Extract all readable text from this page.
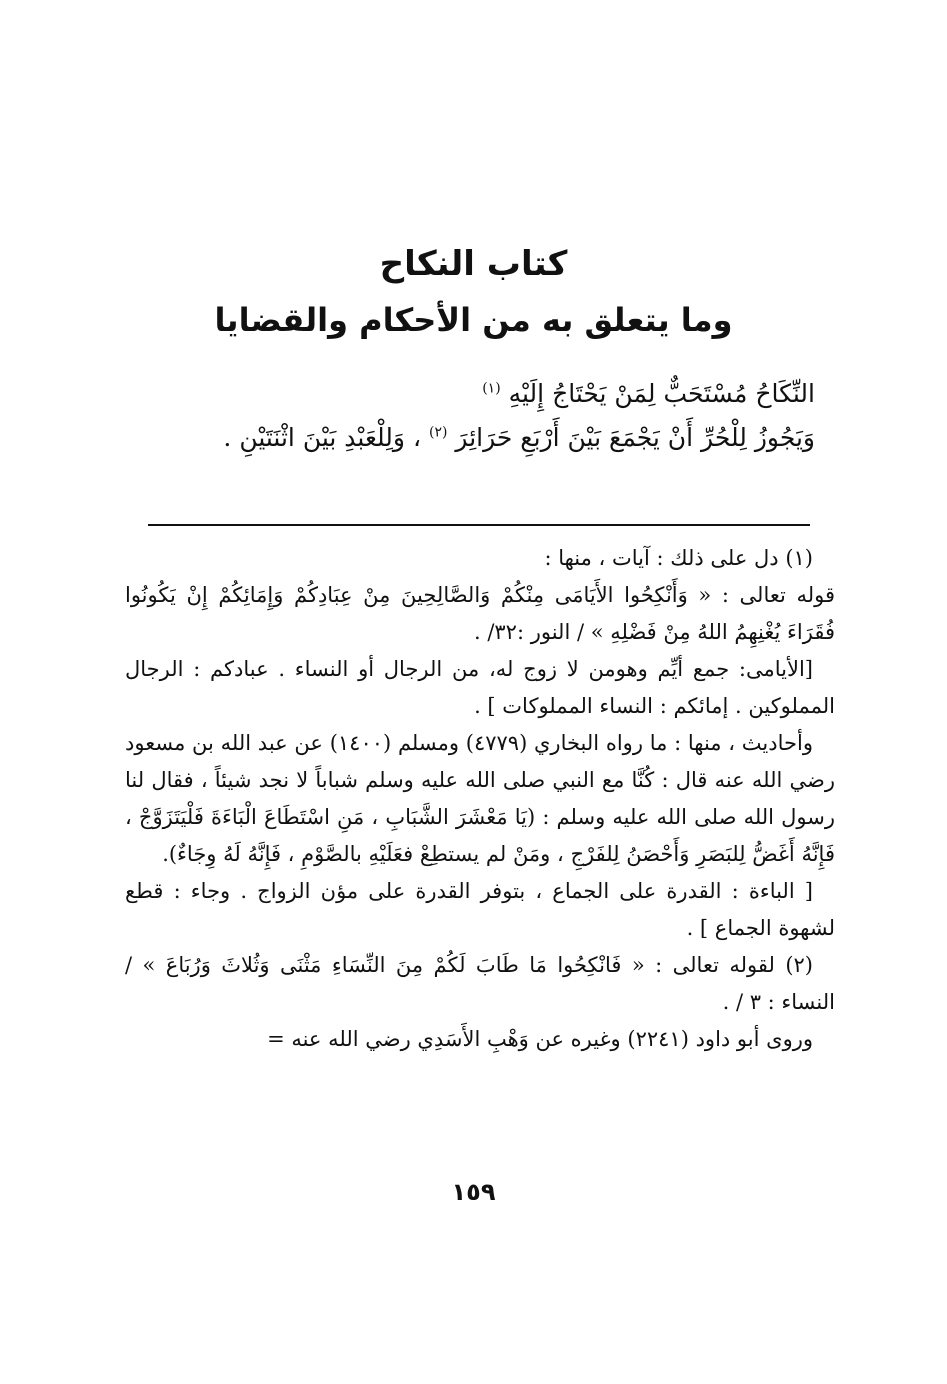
كتاب النكاح
وما يتعلق به من الأحكام والقضايا

النِّكَاحُ مُسْتَحَبٌّ لِمَنْ يَحْتَاجُ إِلَيْهِ $^{(١)}$

وَيَجُوزُ لِلْحُرِّ أَنْ يَجْمَعَ بَيْنَ أَرْبَعِ حَرَائِرَ $^{(٢)}$ ، وَلِلْعَبْدِ بَيْنَ اثْنَتَيْنِ .

(١) دل على ذلك : آيات ، منها :

قوله تعالى : « وَأَنْكِحُوا الأَيَامَى مِنْكُمْ وَالصَّالِحِينَ مِنْ عِبَادِكُمْ وَإِمَائِكُمْ إِنْ يَكُونُوا فُقَرَاءَ يُغْنِهِمُ اللهُ مِنْ فَضْلِهِ » / النور :٣٢/ .

[الأيامى: جمع أيِّم وهومن لا زوج له، من الرجال أو النساء . عبادكم : الرجال المملوكين . إمائكم : النساء المملوكات ] .

وأحاديث ، منها : ما رواه البخاري (٤٧٧٩) ومسلم (١٤٠٠) عن عبد الله بن مسعود رضي الله عنه قال : كُنَّا مع النبي صلى الله عليه وسلم شباباً لا نجد شيئاً ، فقال لنا رسول الله صلى الله عليه وسلم : (يَا مَعْشَرَ الشَّبَابِ ، مَنِ اسْتَطَاعَ الْبَاءَةَ فَلْيَتَزَوَّجْ ، فَإِنَّهُ أَغَضُّ لِلبَصَرِ وَأَحْصَنُ لِلفَرْجِ ، ومَنْ لم يستطِعْ فعَلَيْهِ بالصَّوْمِ ، فَإِنَّهُ لَهُ وِجَاءٌ).

[ الباءة : القدرة على الجماع ، بتوفر القدرة على مؤن الزواج . وجاء : قطع لشهوة الجماع ] .

(٢) لقوله تعالى : « فَانْكِحُوا مَا طَابَ لَكُمْ مِنَ النِّسَاءِ مَثْنَى وَثُلاثَ وَرُبَاعَ » / النساء : ٣ / .

وروى أبو داود (٢٢٤١) وغيره عن وَهْبِ الأَسَدِي رضي الله عنه =

١٥٩
